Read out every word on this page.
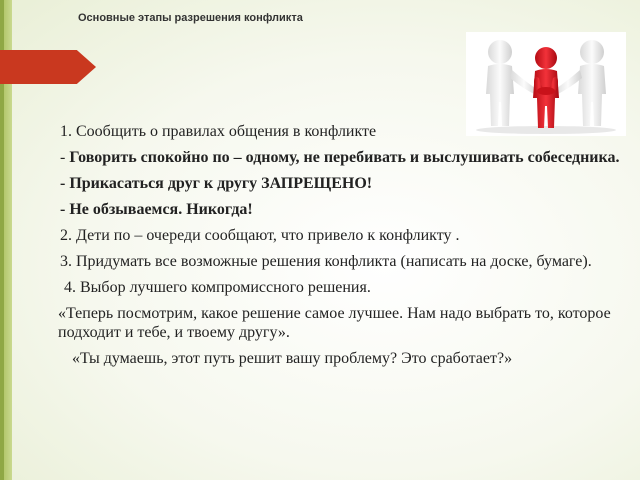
Основные этапы разрешения конфликта

1. Сообщить о правилах общения в конфликте

- Говорить спокойно по – одному, не перебивать и выслушивать собеседника.

- Прикасаться друг к другу ЗАПРЕЩЕНО!

- Не обзываемся. Никогда!

2. Дети по – очереди сообщают, что привело к конфликту .

3. Придумать все возможные решения конфликта (написать на доске, бумаге).

4. Выбор лучшего компромиссного решения.

«Теперь посмотрим, какое решение самое лучшее. Нам надо выбрать то, которое подходит и тебе, и твоему другу».

«Ты думаешь, этот путь решит вашу проблему? Это сработает?»
